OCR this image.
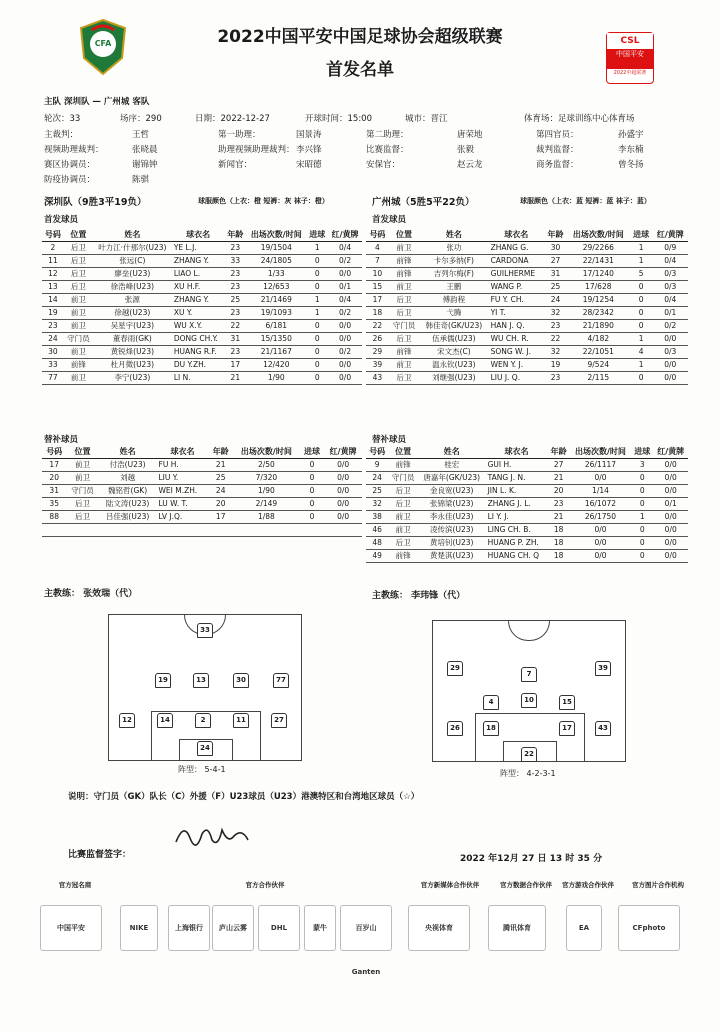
CFA	2022中国平安中国足球协会超级联赛
首发名单
CSL
中国平安
2022中超联赛
主队 深圳队 — 广州城 客队
轮次：33	场序：290	日期：2022-12-27	开球时间：15:00	城市：晋江	体育场：足球训练中心体育场
主裁判：	王哲	第一助理：	国景涛	第二助理：	唐荣地	第四官员：	孙盛宇
视频助理裁判：	张晓晨	助理视频助理裁判： 李兴锋	比赛监督：	张毅	裁判监督：	李东楠
赛区协调员：	谢锦钟	新闻官：	宋昭德	安保官：	赵云龙	商务监督：	曾冬扬
防疫协调员：	陈骐
深圳队（9胜3平19负）	球服颜色（上衣：橙 短裤：灰 袜子：橙）
首发球员
号码	位置	姓名	球衣名	年龄	出场次数/时间	进球	红/黄牌
2	后卫	叶力江·什那尔(U23)	YE L.J.	23	19/1504	1	0/4
11	后卫	张远(C)	ZHANG Y.	33	24/1805	0	0/2
12	后卫	廖垒(U23)	LIAO L.	23	1/33	0	0/0
13	后卫	徐浩峰(U23)	XU H.F.	23	12/653	0	0/1
14	前卫	张源	ZHANG Y.	25	21/1469	1	0/4
19	前卫	徐越(U23)	XU Y.	23	19/1093	1	0/2
23	前卫	吴星宇(U23)	WU X.Y.	22	6/181	0	0/0
24	守门员	董春雨(GK)	DONG CH.Y.	31	15/1350	0	0/0
30	前卫	黄锐烽(U23)	HUANG R.F.	23	21/1167	0	0/2
33	前锋	杜月徵(U23)	DU Y.ZH.	17	12/420	0	0/0
77	前卫	李宁(U23)	LI N.	21	1/90	0	0/0
替补球员
号码	位置	姓名	球衣名	年龄	出场次数/时间	进球	红/黄牌
17	前卫	付浩(U23)	FU H.	21	2/50	0	0/0
20	前卫	刘越	LIU Y.	25	7/320	0	0/0
31	守门员	魏铭哲(GK)	WEI M.ZH.	24	1/90	0	0/0
35	后卫	陆文涛(U23)	LU W. T.	20	2/149	0	0/0
88	后卫	吕佳强(U23)	LV J.Q.	17	1/88	0	0/0

广州城（5胜5平22负）	球服颜色（上衣：蓝 短裤：蓝 袜子：蓝）
首发球员
号码	位置	姓名	球衣名	年龄	出场次数/时间	进球	红/黄牌
4	前卫	张功	ZHANG G.	30	29/2266	1	0/9
7	前锋	卡尔多纳(F)	CARDONA	27	22/1431	1	0/4
10	前锋	吉列尔梅(F)	GUILHERME	31	17/1240	5	0/3
15	前卫	王鹏	WANG P.	25	17/628	0	0/3
17	后卫	傅韵程	FU Y. CH.	24	19/1254	0	0/4
18	后卫	弋腾	YI T.	32	28/2342	0	0/1
22	守门员	韩佳奇(GK/U23)	HAN J. Q.	23	21/1890	0	0/2
26	后卫	伍承儒(U23)	WU CH. R.	22	4/182	1	0/0
29	前锋	宋文杰(C)	SONG W. J.	32	22/1051	4	0/3
39	前卫	温永钦(U23)	WEN Y. J.	19	9/524	1	0/0
43	后卫	刘继强(U23)	LIU J. Q.	23	2/115	0	0/0
替补球员
号码	位置	姓名	球衣名	年龄	出场次数/时间	进球	红/黄牌
9	前锋	桂宏	GUI H.	27	26/1117	3	0/0
24	守门员	唐嘉年(GK/U23)	TANG J. N.	21	0/0	0	0/0
25	后卫	金良宽(U23)	JIN L. K.	20	1/14	0	0/0
32	后卫	张锦梁(U23)	ZHANG J. L.	23	16/1072	0	0/1
38	前卫	李永佳(U23)	LI Y. J.	21	26/1750	1	0/0
46	前卫	凌传滨(U23)	LING CH. B.	18	0/0	0	0/0
48	后卫	黄培钊(U23)	HUANG P. ZH.	18	0/0	0	0/0
49	前锋	黄楚淇(U23)	HUANG CH. Q	18	0/0	0	0/0
主教练： 张效瑞（代）	主教练： 李玮锋（代）
33
19	13	30	77
12	14	2	11	27
24
阵型： 5-4-1
29
7
39
10
4	15
26	18	17	43
22
阵型： 4-2-3-1
说明：守门员（GK）队长（C）外援（F）U23球员（U23）港澳特区和台湾地区球员（☆）
比赛监督签字：	2022 年12月 27 日 13 时 35 分
官方冠名商	官方合作伙伴	官方新媒体合作伙伴	官方数据合作伙伴	官方游戏合作伙伴	官方图片合作机构
中国平安	NIKE	上海银行	庐山云雾	DHL	蒙牛	百岁山 Ganten
央视体育	腾讯体育	EA	CFphoto
